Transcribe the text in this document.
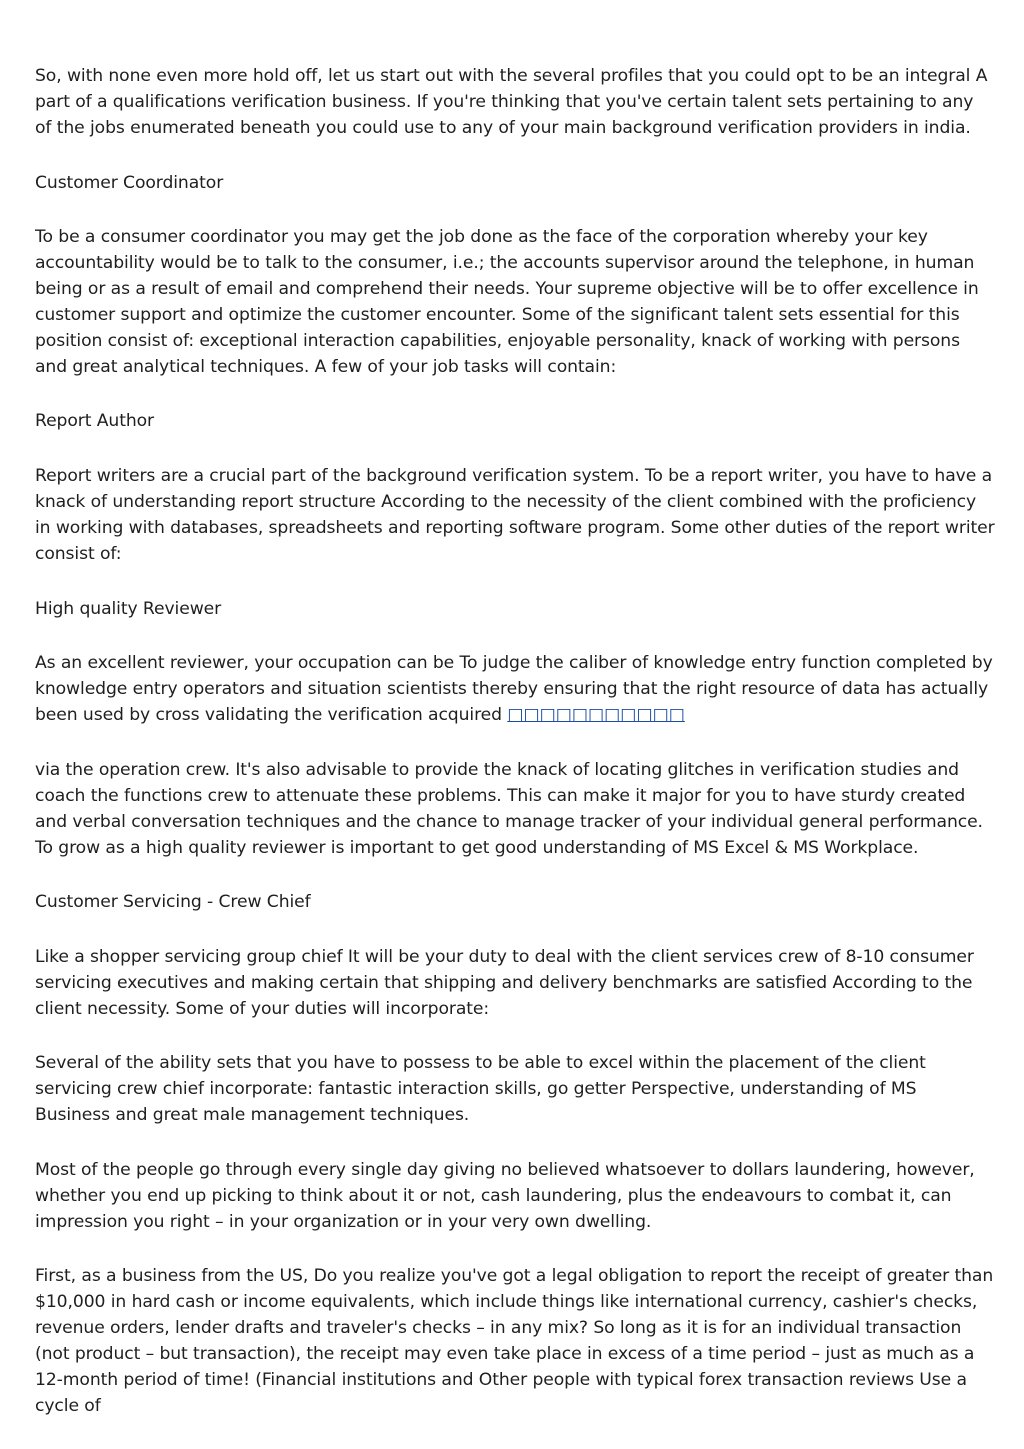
So, with none even more hold off, let us start out with the several profiles that you could opt to be an integral A part of a qualifications verification business. If you're thinking that you've certain talent sets pertaining to any of the jobs enumerated beneath you could use to any of your main background verification providers in india.

Customer Coordinator

To be a consumer coordinator you may get the job done as the face of the corporation whereby your key accountability would be to talk to the consumer, i.e.; the accounts supervisor around the telephone, in human being or as a result of email and comprehend their needs. Your supreme objective will be to offer excellence in customer support and optimize the customer encounter. Some of the significant talent sets essential for this position consist of: exceptional interaction capabilities, enjoyable personality, knack of working with persons and great analytical techniques. A few of your job tasks will contain:

Report Author

Report writers are a crucial part of the background verification system. To be a report writer, you have to have a knack of understanding report structure According to the necessity of the client combined with the proficiency in working with databases, spreadsheets and reporting software program. Some other duties of the report writer consist of:

High quality Reviewer

As an excellent reviewer, your occupation can be To judge the caliber of knowledge entry function completed by knowledge entry operators and situation scientists thereby ensuring that the right resource of data has actually been used by cross validating the verification acquired □□□□□□□□□□□

via the operation crew. It's also advisable to provide the knack of locating glitches in verification studies and coach the functions crew to attenuate these problems. This can make it major for you to have sturdy created and verbal conversation techniques and the chance to manage tracker of your individual general performance. To grow as a high quality reviewer is important to get good understanding of MS Excel & MS Workplace.

Customer Servicing - Crew Chief

Like a shopper servicing group chief It will be your duty to deal with the client services crew of 8-10 consumer servicing executives and making certain that shipping and delivery benchmarks are satisfied According to the client necessity. Some of your duties will incorporate:

Several of the ability sets that you have to possess to be able to excel within the placement of the client servicing crew chief incorporate: fantastic interaction skills, go getter Perspective, understanding of MS Business and great male management techniques.

Most of the people go through every single day giving no believed whatsoever to dollars laundering, however, whether you end up picking to think about it or not, cash laundering, plus the endeavours to combat it, can impression you right – in your organization or in your very own dwelling.

First, as a business from the US, Do you realize you've got a legal obligation to report the receipt of greater than $10,000 in hard cash or income equivalents, which include things like international currency, cashier's checks, revenue orders, lender drafts and traveler's checks – in any mix? So long as it is for an individual transaction (not product – but transaction), the receipt may even take place in excess of a time period – just as much as a 12-month period of time! (Financial institutions and Other people with typical forex transaction reviews Use a cycle of
